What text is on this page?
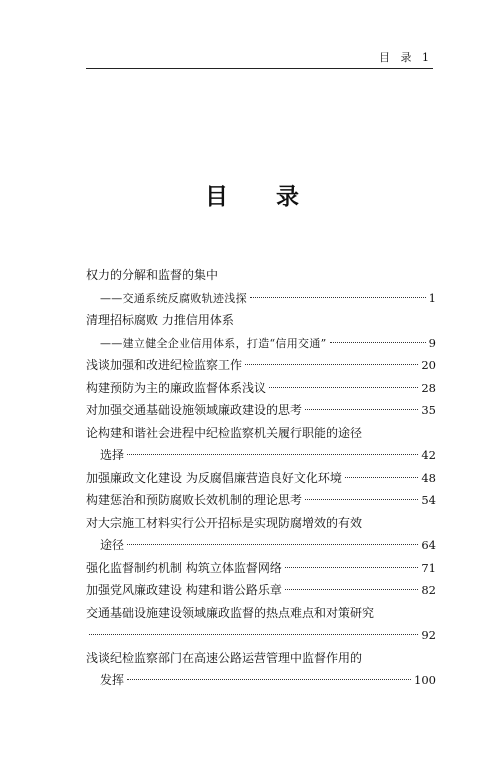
目   录   1
目录
权力的分解和监督的集中
——交通系统反腐败轨迹浅探	1
清理招标腐败 力推信用体系
——建立健全企业信用体系，打造“信用交通”	9
浅谈加强和改进纪检监察工作	20
构建预防为主的廉政监督体系浅议	28
对加强交通基础设施领域廉政建设的思考	35
论构建和谐社会进程中纪检监察机关履行职能的途径
选择	42
加强廉政文化建设 为反腐倡廉营造良好文化环境	48
构建惩治和预防腐败长效机制的理论思考	54
对大宗施工材料实行公开招标是实现防腐增效的有效
途径	64
强化监督制约机制 构筑立体监督网络	71
加强党风廉政建设 构建和谐公路乐章	82
交通基础设施建设领域廉政监督的热点难点和对策研究
92
浅谈纪检监察部门在高速公路运营管理中监督作用的
发挥	100
